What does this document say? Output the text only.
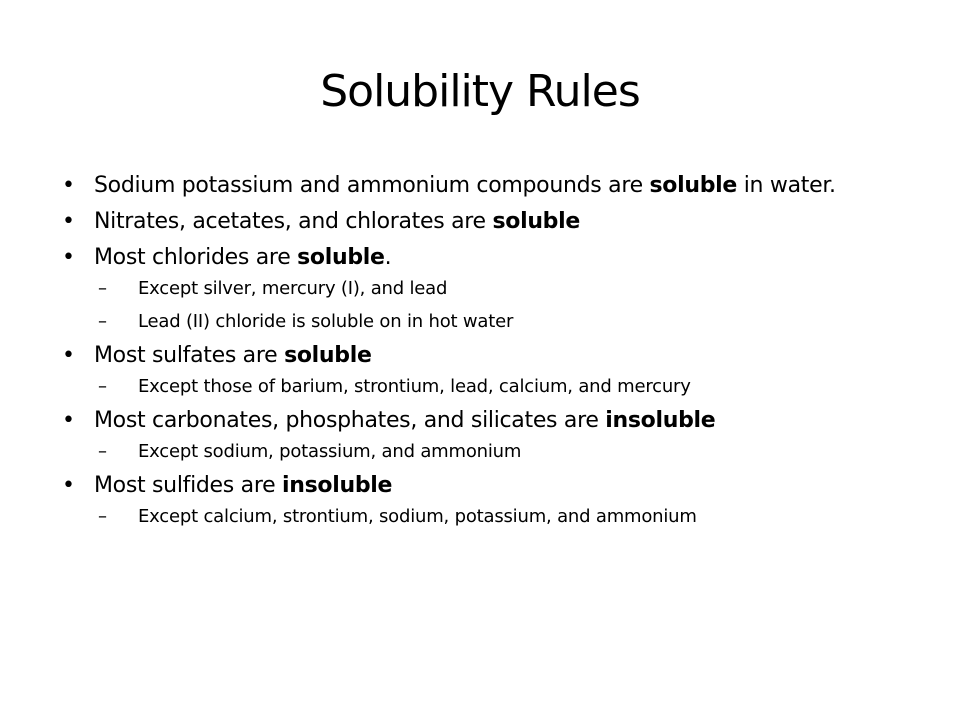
Solubility Rules
• Sodium potassium and ammonium compounds are soluble in water.
• Nitrates, acetates, and chlorates are soluble
• Most chlorides are soluble.
– Except silver, mercury (I), and lead
– Lead (II) chloride is soluble on in hot water
• Most sulfates are soluble
– Except those of barium, strontium, lead, calcium, and mercury
• Most carbonates, phosphates, and silicates are insoluble
– Except sodium, potassium, and ammonium
• Most sulfides are insoluble
– Except calcium, strontium, sodium, potassium, and ammonium
